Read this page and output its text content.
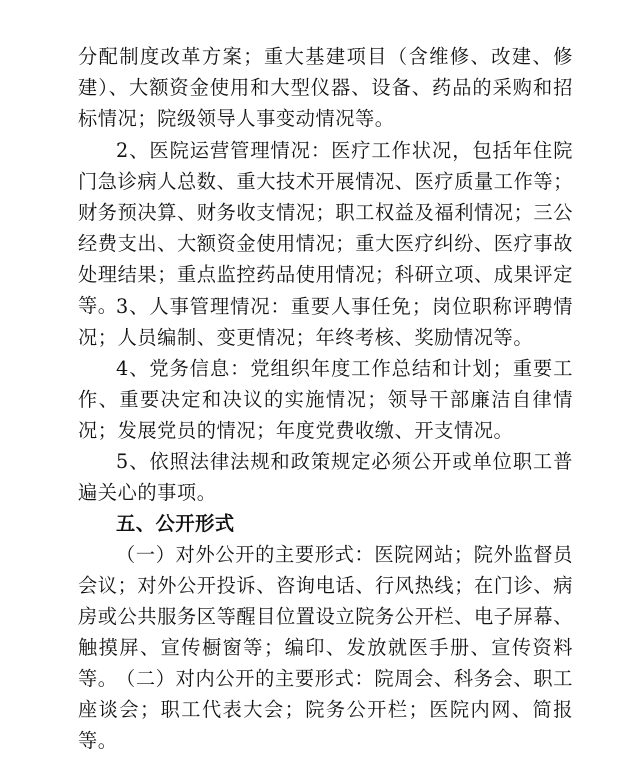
分配制度改革方案；重大基建项目（含维修、改建、修建）、大额资金使用和大型仪器、设备、药品的采购和招标情况；院级领导人事变动情况等。

2、医院运营管理情况：医疗工作状况，包括年住院门急诊病人总数、重大技术开展情况、医疗质量工作等；财务预决算、财务收支情况；职工权益及福利情况；三公经费支出、大额资金使用情况；重大医疗纠纷、医疗事故处理结果；重点监控药品使用情况；科研立项、成果评定等。

3、人事管理情况：重要人事任免；岗位职称评聘情况；人员编制、变更情况；年终考核、奖励情况等。

4、党务信息：党组织年度工作总结和计划；重要工作、重要决定和决议的实施情况；领导干部廉洁自律情况；发展党员的情况；年度党费收缴、开支情况。

5、依照法律法规和政策规定必须公开或单位职工普遍关心的事项。

五、公开形式

（一）对外公开的主要形式：医院网站；院外监督员会议；对外公开投诉、咨询电话、行风热线；在门诊、病房或公共服务区等醒目位置设立院务公开栏、电子屏幕、触摸屏、宣传橱窗等；编印、发放就医手册、宣传资料等。

（二）对内公开的主要形式：院周会、科务会、职工座谈会；职工代表大会；院务公开栏；医院内网、简报等。
